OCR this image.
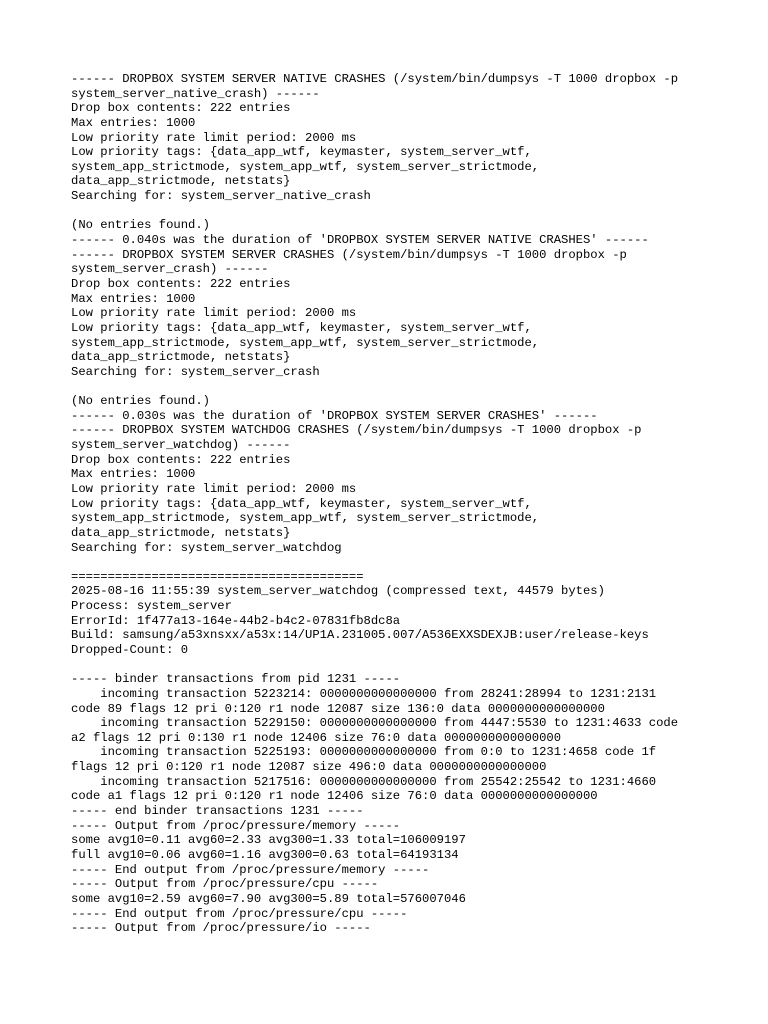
------ DROPBOX SYSTEM SERVER NATIVE CRASHES (/system/bin/dumpsys -T 1000 dropbox -p
system_server_native_crash) ------
Drop box contents: 222 entries
Max entries: 1000
Low priority rate limit period: 2000 ms
Low priority tags: {data_app_wtf, keymaster, system_server_wtf,
system_app_strictmode, system_app_wtf, system_server_strictmode,
data_app_strictmode, netstats}
Searching for: system_server_native_crash
(No entries found.)
------ 0.040s was the duration of 'DROPBOX SYSTEM SERVER NATIVE CRASHES' ------
------ DROPBOX SYSTEM SERVER CRASHES (/system/bin/dumpsys -T 1000 dropbox -p
system_server_crash) ------
Drop box contents: 222 entries
Max entries: 1000
Low priority rate limit period: 2000 ms
Low priority tags: {data_app_wtf, keymaster, system_server_wtf,
system_app_strictmode, system_app_wtf, system_server_strictmode,
data_app_strictmode, netstats}
Searching for: system_server_crash
(No entries found.)
------ 0.030s was the duration of 'DROPBOX SYSTEM SERVER CRASHES' ------
------ DROPBOX SYSTEM WATCHDOG CRASHES (/system/bin/dumpsys -T 1000 dropbox -p
system_server_watchdog) ------
Drop box contents: 222 entries
Max entries: 1000
Low priority rate limit period: 2000 ms
Low priority tags: {data_app_wtf, keymaster, system_server_wtf,
system_app_strictmode, system_app_wtf, system_server_strictmode,
data_app_strictmode, netstats}
Searching for: system_server_watchdog
========================================
2025-08-16 11:55:39 system_server_watchdog (compressed text, 44579 bytes)
Process: system_server
ErrorId: 1f477a13-164e-44b2-b4c2-07831fb8dc8a
Build: samsung/a53xnsxx/a53x:14/UP1A.231005.007/A536EXXSDEXJB:user/release-keys
Dropped-Count: 0
----- binder transactions from pid 1231 -----
incoming transaction 5223214: 0000000000000000 from 28241:28994 to 1231:2131
code 89 flags 12 pri 0:120 r1 node 12087 size 136:0 data 0000000000000000
incoming transaction 5229150: 0000000000000000 from 4447:5530 to 1231:4633 code
a2 flags 12 pri 0:130 r1 node 12406 size 76:0 data 0000000000000000
incoming transaction 5225193: 0000000000000000 from 0:0 to 1231:4658 code 1f
flags 12 pri 0:120 r1 node 12087 size 496:0 data 0000000000000000
incoming transaction 5217516: 0000000000000000 from 25542:25542 to 1231:4660
code a1 flags 12 pri 0:120 r1 node 12406 size 76:0 data 0000000000000000
----- end binder transactions 1231 -----
----- Output from /proc/pressure/memory -----
some avg10=0.11 avg60=2.33 avg300=1.33 total=106009197
full avg10=0.06 avg60=1.16 avg300=0.63 total=64193134
----- End output from /proc/pressure/memory -----
----- Output from /proc/pressure/cpu -----
some avg10=2.59 avg60=7.90 avg300=5.89 total=576007046
----- End output from /proc/pressure/cpu -----
----- Output from /proc/pressure/io -----
